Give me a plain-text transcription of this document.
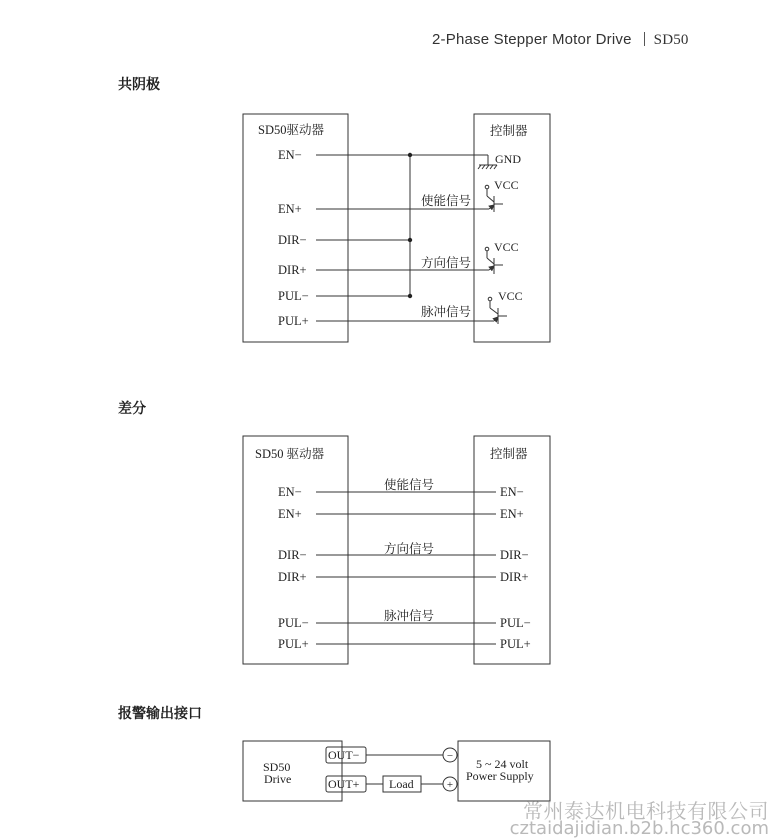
2-Phase Stepper Motor Drive SD50
共阴极
差分
报警输出接口
SD50驱动器	控制器
EN−
EN+
DIR−
DIR+
PUL−
PUL+
GND
VCC
VCC
VCC
使能信号
方向信号
脉冲信号
SD50 驱动器	控制器
EN−
EN+
DIR−
DIR+
PUL−
PUL+
EN−
EN+
DIR−
DIR+
PUL−
PUL+
使能信号
方向信号
脉冲信号
SD50
Drive
OUT−
OUT+ Load
−
+
5 ~ 24 volt
Power Supply
常州泰达机电科技有限公司
cztaidajidian.b2b.hc360.com
